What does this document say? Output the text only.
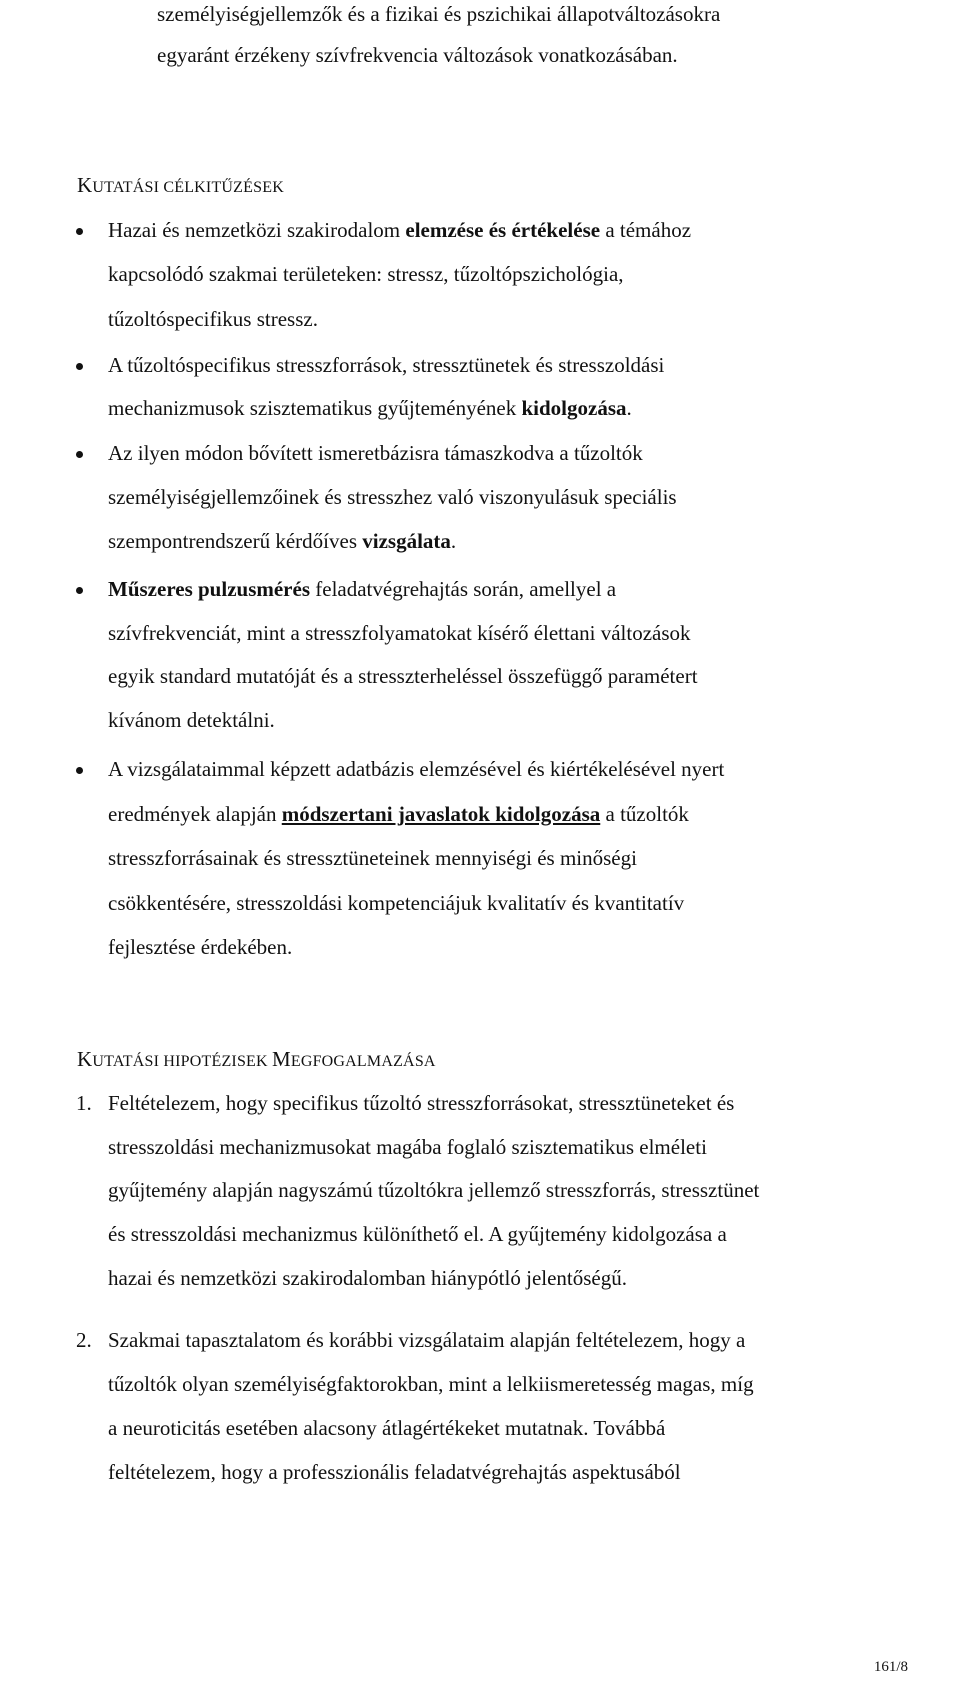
személyiségjellemzők és a fizikai és pszichikai állapotváltozásokra
egyaránt érzékeny szívfrekvencia változások vonatkozásában.
KUTATÁSI CÉLKITŰZÉSEK
Hazai és nemzetközi szakirodalom elemzése és értékelése a témához
kapcsolódó szakmai területeken: stressz, tűzoltópszichológia,
tűzoltóspecifikus stressz.
A tűzoltóspecifikus stresszforrások, stressztünetek és stresszoldási
mechanizmusok szisztematikus gyűjteményének kidolgozása.
Az ilyen módon bővített ismeretbázisra támaszkodva a tűzoltók
személyiségjellemzőinek és stresszhez való viszonyulásuk speciális
szempontrendszerű kérdőíves vizsgálata.
Műszeres pulzusmérés feladatvégrehajtás során, amellyel a
szívfrekvenciát, mint a stresszfolyamatokat kísérő élettani változások
egyik standard mutatóját és a stresszterheléssel összefüggő paramétert
kívánom detektálni.
A vizsgálataimmal képzett adatbázis elemzésével és kiértékelésével nyert
eredmények alapján módszertani javaslatok kidolgozása a tűzoltók
stresszforrásainak és stressztüneteinek mennyiségi és minőségi
csökkentésére, stresszoldási kompetenciájuk kvalitatív és kvantitatív
fejlesztése érdekében.
KUTATÁSI HIPOTÉZISEK MEGFOGALMAZÁSA
1. Feltételezem, hogy specifikus tűzoltó stresszforrásokat, stressztüneteket és
stresszoldási mechanizmusokat magába foglaló szisztematikus elméleti
gyűjtemény alapján nagyszámú tűzoltókra jellemző stresszforrás, stressztünet
és stresszoldási mechanizmus különíthető el. A gyűjtemény kidolgozása a
hazai és nemzetközi szakirodalomban hiánypótló jelentőségű.
2. Szakmai tapasztalatom és korábbi vizsgálataim alapján feltételezem, hogy a
tűzoltók olyan személyiségfaktorokban, mint a lelkiismeretesség magas, míg
a neuroticitás esetében alacsony átlagértékeket mutatnak. Továbbá
feltételezem, hogy a professzionális feladatvégrehajtás aspektusából
161/8
